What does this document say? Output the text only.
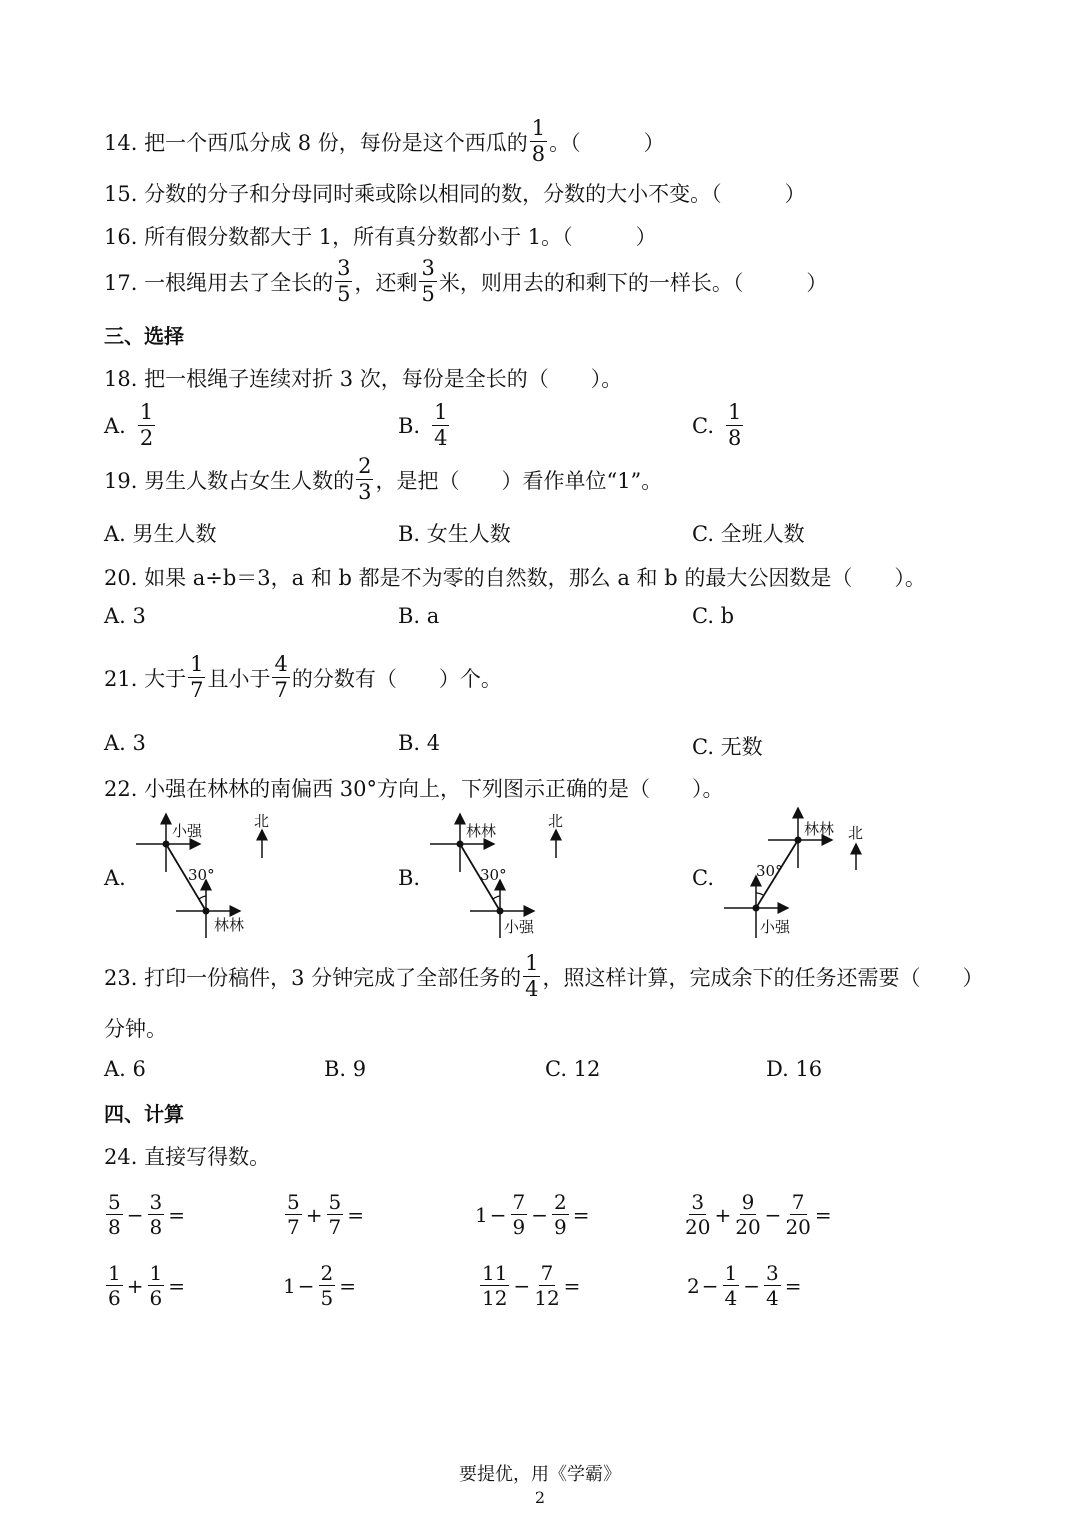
14. 把一个西瓜分成 8 份，每份是这个西瓜的 $\frac{1}{8}$ 。（　　　）
15. 分数的分子和分母同时乘或除以相同的数，分数的大小不变。（　　　）
16. 所有假分数都大于 1，所有真分数都小于 1。（　　　）
17. 一根绳用去了全长的 $\frac{3}{5}$ ，还剩 $\frac{3}{5}$ 米，则用去的和剩下的一样长。（　　　）
三、选择
18. 把一根绳子连续对折 3 次，每份是全长的（　　）。
A. $\frac{1}{2}$	B. $\frac{1}{4}$	C. $\frac{1}{8}$
19. 男生人数占女生人数的 $\frac{2}{3}$ ，是把（　　）看作单位“1”。
A. 男生人数	B. 女生人数	C. 全班人数
20. 如果 a÷b＝3，a 和 b 都是不为零的自然数，那么 a 和 b 的最大公因数是（　　）。
A. 3	B. a	C. b
21. 大于 $\frac{1}{7}$ 且小于 $\frac{4}{7}$ 的分数有（　　）个。
A. 3	B. 4	C. 无数
22. 小强在林林的南偏西 30°方向上，下列图示正确的是（　　）。
A.
小强
30°
林林
北
B.
林林
30°
小强
北
C.
林林
30°
小强
北
23. 打印一份稿件，3 分钟完成了全部任务的 $\frac{1}{4}$ ，照这样计算，完成余下的任务还需要（　　）
分钟。
A. 6	B. 9	C. 12	D. 16
四、计算
24. 直接写得数。
$\frac{5}{8} - \frac{3}{8}$ =	$\frac{5}{7} + \frac{5}{7}$ =	$1 - \frac{7}{9} - \frac{2}{9}$ =	$\frac{3}{20} + \frac{9}{20} - \frac{7}{20}$ =
$\frac{1}{6} + \frac{1}{6}$ =	$1 - \frac{2}{5}$ =	$\frac{11}{12} - \frac{7}{12}$ =	$2 - \frac{1}{4} - \frac{3}{4}$ =
要提优，用《学霸》
2
